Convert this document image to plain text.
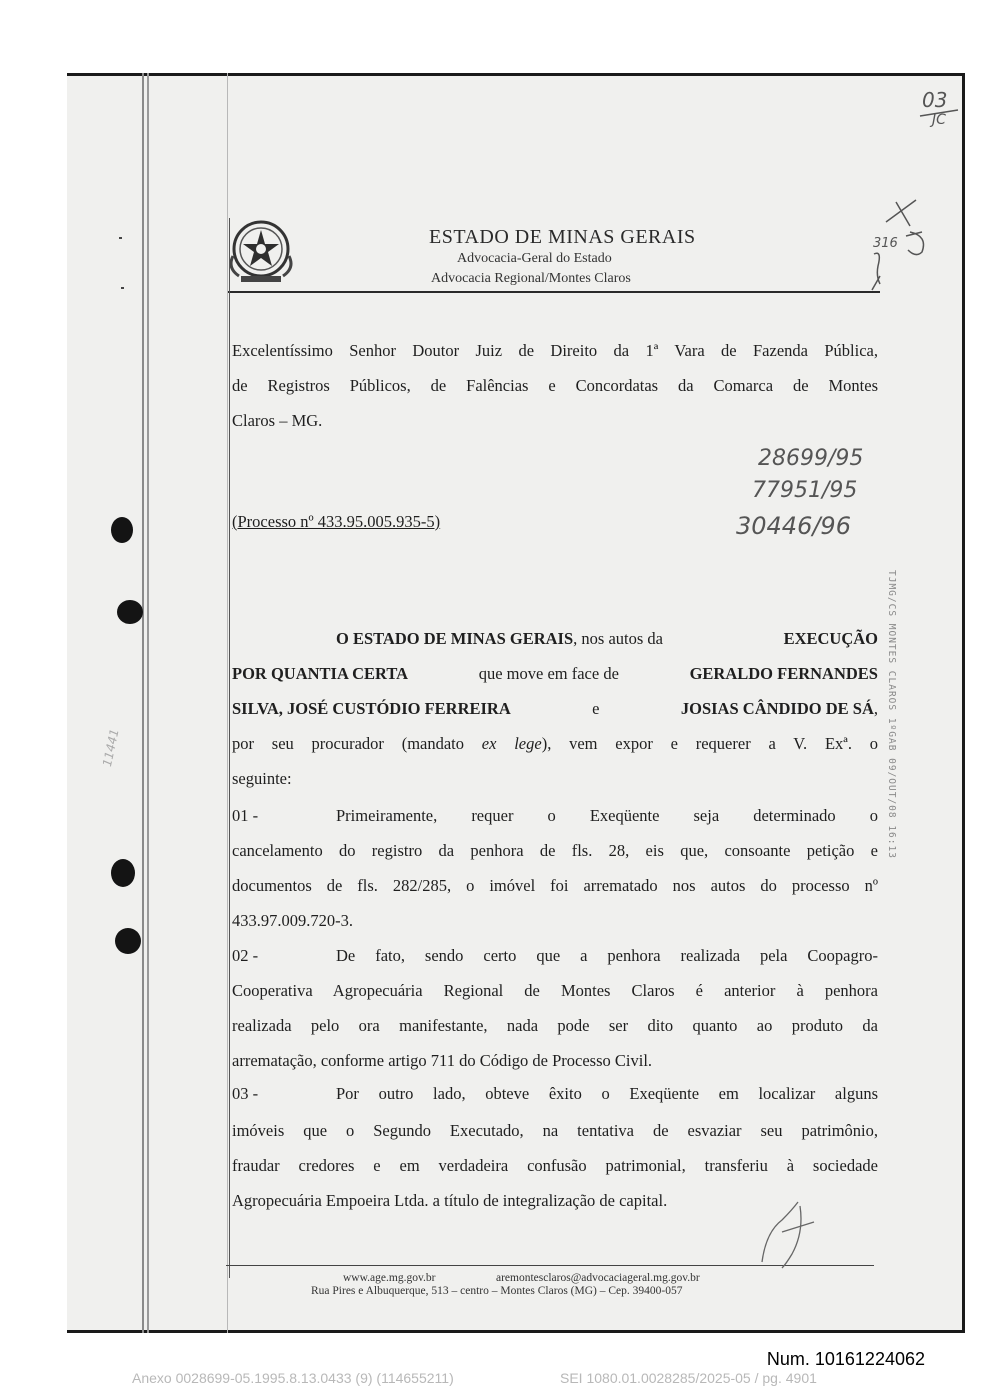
ESTADO DE MINAS GERAIS
Advocacia-Geral do Estado
Advocacia Regional/Montes Claros
Excelentíssimo Senhor Doutor Juiz de Direito da 1ª Vara de Fazenda Pública,
de Registros Públicos, de Falências e Concordatas da Comarca de Montes
Claros – MG.
(Processo nº 433.95.005.935-5)
O ESTADO DE MINAS GERAIS, nos autos da	EXECUÇÃO
POR QUANTIA CERTA	que move em face de	GERALDO FERNANDES
SILVA, JOSÉ CUSTÓDIO FERREIRA	e	JOSIAS CÂNDIDO DE SÁ,
por seu procurador (mandato ex lege), vem expor e requerer a V. Exª. o
seguinte:
01 -	Primeiramente, requer o Exeqüente seja determinado o
cancelamento do registro da penhora de fls. 28, eis que, consoante petição e
documentos de fls. 282/285, o imóvel foi arrematado nos autos do processo nº
433.97.009.720-3.
02 -	De fato, sendo certo que a penhora realizada pela Coopagro-
Cooperativa Agropecuária Regional de Montes Claros é anterior à penhora
realizada pelo ora manifestante, nada pode ser dito quanto ao produto da
arrematação, conforme artigo 711 do Código de Processo Civil.
03 -	Por outro lado, obteve êxito o Exeqüente em localizar alguns
imóveis que o Segundo Executado, na tentativa de esvaziar seu patrimônio,
fraudar credores e em verdadeira confusão patrimonial, transferiu à sociedade
Agropecuária Empoeira Ltda. a título de integralização de capital.
www.age.mg.gov.br	aremontesclaros@advocaciageral.mg.gov.br
Rua Pires e Albuquerque, 513 – centro – Montes Claros (MG) – Cep. 39400-057
03
JC
316
28699/95
77951/95
30446/96
11441	TJMG/CS MONTES CLAROS 1ºGAB 09/OUT/08 16:13
Num. 10161224062
Anexo 0028699-05.1995.8.13.0433 (9) (114655211)	SEI 1080.01.0028285/2025-05 / pg. 4901
